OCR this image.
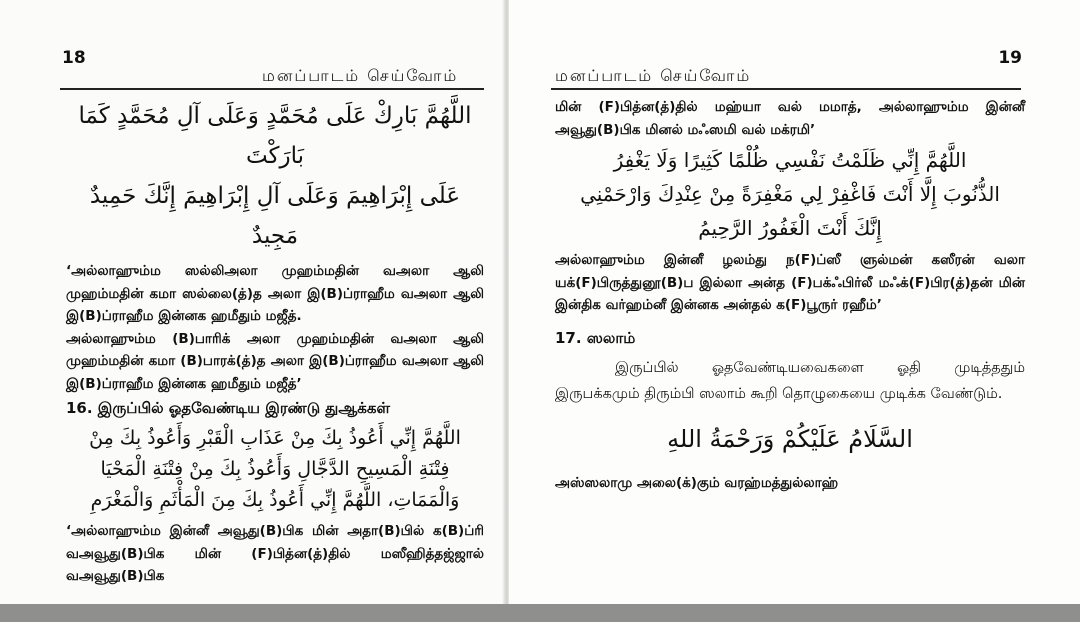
18
மனப்பாடம் செய்வோம்
اللَّهُمَّ بَارِكْ عَلَى مُحَمَّدٍ وَعَلَى آلِ مُحَمَّدٍ كَمَا بَارَكْتَ
عَلَى إِبْرَاهِيمَ وَعَلَى آلِ إِبْرَاهِيمَ إِنَّكَ حَمِيدٌ مَجِيدٌ

‘அல்லாஹும்ம ஸல்லிஅலா முஹம்மதின் வஅலா ஆலி முஹம்மதின் கமா ஸல்லை(த்)த அலா இ(B)ப்ராஹீம வஅலா ஆலி இ(B)ப்ராஹீம இன்னக ஹமீதும் மஜீத்.

அல்லாஹும்ம (B)பாரிக் அலா முஹம்மதின் வஅலா ஆலி முஹம்மதின் கமா (B)பாரக்(த்)த அலா இ(B)ப்ராஹீம வஅலா ஆலி இ(B)ப்ராஹீம இன்னக ஹமீதும் மஜீத்’

16. இருப்பில் ஓதவேண்டிய இரண்டு துஆக்கள்
اللَّهُمَّ إِنِّي أَعُوذُ بِكَ مِنْ عَذَابِ الْقَبْرِ وَأَعُوذُ بِكَ مِنْ
فِتْنَةِ الْمَسِيحِ الدَّجَّالِ وَأَعُوذُ بِكَ مِنْ فِتْنَةِ الْمَحْيَا
وَالْمَمَاتِ، اللَّهُمَّ إِنِّي أَعُوذُ بِكَ مِنَ الْمَأْثَمِ وَالْمَغْرَمِ

‘அல்லாஹும்ம இன்னீ அவூது(B)பிக மின் அதா(B)பில் க(B)ப்ரி வஅவூது(B)பிக மின் (F)பித்ன(த்)தில் மஸீஹித்தஜ்ஜால் வஅவூது(B)பிக

19
மனப்பாடம் செய்வோம்

மின் (F)பித்ன(த்)தில் மஹ்யா வல் மமாத், அல்லாஹும்ம இன்னீ அவூது(B)பிக மினல் மஃஸமி வல் மக்ரமி’

اللَّهُمَّ إِنِّي ظَلَمْتُ نَفْسِي ظُلْمًا كَثِيرًا وَلَا يَغْفِرُ
الذُّنُوبَ إِلَّا أَنْتَ فَاغْفِرْ لِي مَغْفِرَةً مِنْ عِنْدِكَ وَارْحَمْنِي
إِنَّكَ أَنْتَ الْغَفُورُ الرَّحِيمُ

அல்லாஹும்ம இன்னீ ழலம்து ந(F)ப்ஸீ ளுல்மன் கஸீரன் வலா யக்(F)பிருத்துனூ(B)ப இல்லா அன்த (F)பக்ஃபிர்லீ மஃக்(F)பிர(த்)தன் மின் இன்திக வர்ஹம்னீ இன்னக அன்தல் க(F)பூருர் ரஹீம்’

17. ஸலாம்

இருப்பில் ஓதவேண்டியவைகளை ஓதி முடித்ததும் இருபக்கமும் திரும்பி ஸலாம் கூறி தொழுகையை முடிக்க வேண்டும்.

السَّلَامُ عَلَيْكُمْ وَرَحْمَةُ اللهِ
அஸ்ஸலாமு அலை(க்)கும் வரஹ்மத்துல்லாஹ்
